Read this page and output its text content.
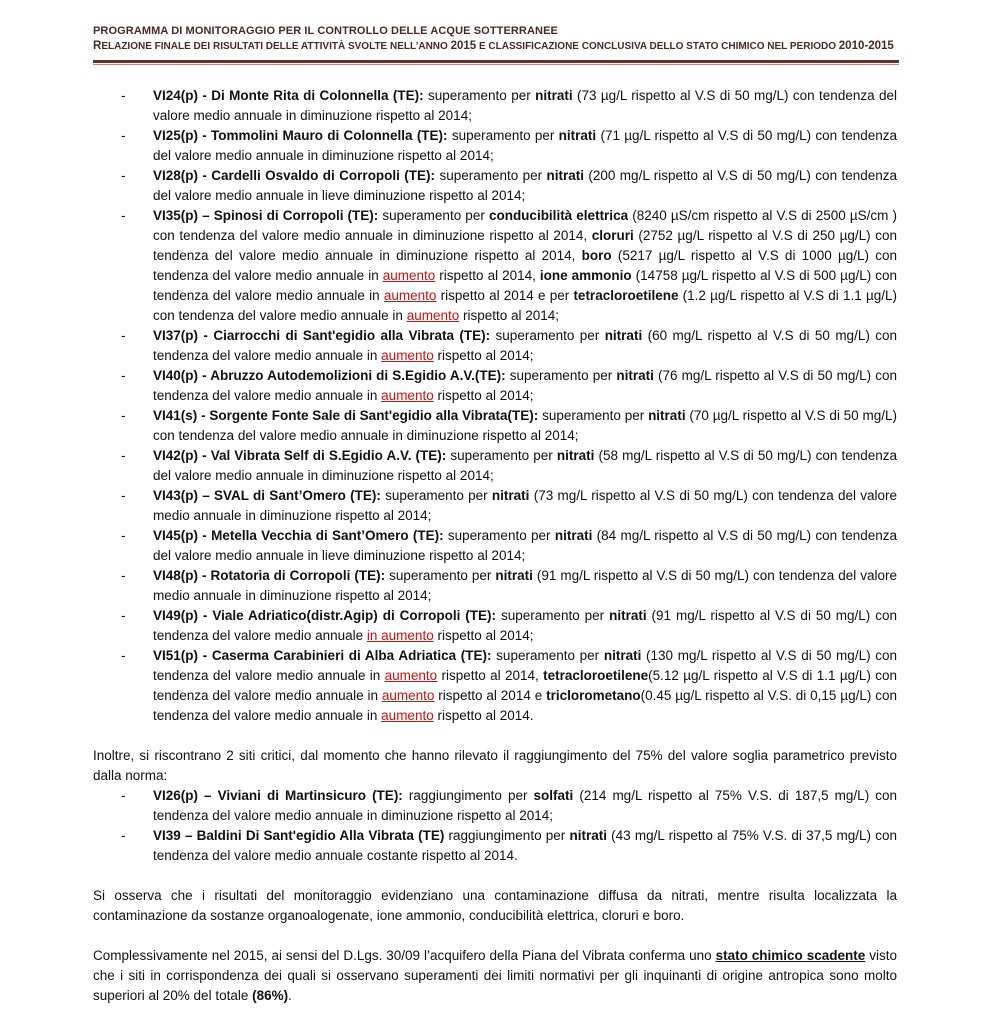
PROGRAMMA DI MONITORAGGIO PER IL CONTROLLO DELLE ACQUE SOTTERRANEE
RELAZIONE FINALE DEI RISULTATI DELLE ATTIVITÀ SVOLTE NELL’ANNO 2015 E CLASSIFICAZIONE CONCLUSIVA DELLO STATO CHIMICO NEL PERIODO 2010-2015
- VI24(p) - Di Monte Rita di Colonnella (TE): superamento per nitrati (73 µg/L rispetto al V.S di 50 mg/L) con tendenza del valore medio annuale in diminuzione rispetto al 2014;
- VI25(p) - Tommolini Mauro di Colonnella (TE): superamento per nitrati (71 µg/L rispetto al V.S di 50 mg/L) con tendenza del valore medio annuale in diminuzione rispetto al 2014;
- VI28(p) - Cardelli Osvaldo di Corropoli (TE): superamento per nitrati (200 mg/L rispetto al V.S di 50 mg/L) con tendenza del valore medio annuale in lieve diminuzione rispetto al 2014;
- VI35(p) – Spinosi di Corropoli (TE): superamento per conducibilità elettrica (8240 µS/cm rispetto al V.S di 2500 µS/cm ) con tendenza del valore medio annuale in diminuzione rispetto al 2014, cloruri (2752 µg/L rispetto al V.S di 250 µg/L) con tendenza del valore medio annuale in diminuzione rispetto al 2014, boro (5217 µg/L rispetto al V.S di 1000 µg/L) con tendenza del valore medio annuale in aumento rispetto al 2014, ione ammonio (14758 µg/L rispetto al V.S di 500 µg/L) con tendenza del valore medio annuale in aumento rispetto al 2014 e per tetracloroetilene (1.2 µg/L rispetto al V.S di 1.1 µg/L) con tendenza del valore medio annuale in aumento rispetto al 2014;
- VI37(p) - Ciarrocchi di Sant'egidio alla Vibrata (TE): superamento per nitrati (60 mg/L rispetto al V.S di 50 mg/L) con tendenza del valore medio annuale in aumento rispetto al 2014;
- VI40(p) - Abruzzo Autodemolizioni di S.Egidio A.V.(TE): superamento per nitrati (76 mg/L rispetto al V.S di 50 mg/L) con tendenza del valore medio annuale in aumento rispetto al 2014;
- VI41(s) - Sorgente Fonte Sale di Sant'egidio alla Vibrata(TE): superamento per nitrati (70 µg/L rispetto al V.S di 50 mg/L) con tendenza del valore medio annuale in diminuzione rispetto al 2014;
- VI42(p) - Val Vibrata Self di S.Egidio A.V. (TE): superamento per nitrati (58 mg/L rispetto al V.S di 50 mg/L) con tendenza del valore medio annuale in diminuzione rispetto al 2014;
- VI43(p) – SVAL di Sant’Omero (TE): superamento per nitrati (73 mg/L rispetto al V.S di 50 mg/L) con tendenza del valore medio annuale in diminuzione rispetto al 2014;
- VI45(p) - Metella Vecchia di Sant’Omero (TE): superamento per nitrati (84 mg/L rispetto al V.S di 50 mg/L) con tendenza del valore medio annuale in lieve diminuzione rispetto al 2014;
- VI48(p) - Rotatoria di Corropoli (TE): superamento per nitrati (91 mg/L rispetto al V.S di 50 mg/L) con tendenza del valore medio annuale in diminuzione rispetto al 2014;
- VI49(p) - Viale Adriatico(distr.Agip) di Corropoli (TE): superamento per nitrati (91 mg/L rispetto al V.S di 50 mg/L) con tendenza del valore medio annuale in aumento rispetto al 2014;
- VI51(p) - Caserma Carabinieri di Alba Adriatica (TE): superamento per nitrati (130 mg/L rispetto al V.S di 50 mg/L) con tendenza del valore medio annuale in aumento rispetto al 2014, tetracloroetilene(5.12 µg/L rispetto al V.S di 1.1 µg/L) con tendenza del valore medio annuale in aumento rispetto al 2014 e triclorometano(0.45 µg/L rispetto al V.S. di 0,15 µg/L) con tendenza del valore medio annuale in aumento rispetto al 2014.

Inoltre, si riscontrano 2 siti critici, dal momento che hanno rilevato il raggiungimento del 75% del valore soglia parametrico previsto dalla norma:

- VI26(p) – Viviani di Martinsicuro (TE): raggiungimento per solfati (214 mg/L rispetto al 75% V.S. di 187,5 mg/L) con tendenza del valore medio annuale in diminuzione rispetto al 2014;
- VI39 – Baldini Di Sant'egidio Alla Vibrata (TE) raggiungimento per nitrati (43 mg/L rispetto al 75% V.S. di 37,5 mg/L) con tendenza del valore medio annuale costante rispetto al 2014.

Si osserva che i risultati del monitoraggio evidenziano una contaminazione diffusa da nitrati, mentre risulta localizzata la contaminazione da sostanze organoalogenate, ione ammonio, conducibilità elettrica, cloruri e boro.

Complessivamente nel 2015, ai sensi del D.Lgs. 30/09 l’acquifero della Piana del Vibrata conferma uno stato chimico scadente visto che i siti in corrispondenza dei quali si osservano superamenti dei limiti normativi per gli inquinanti di origine antropica sono molto superiori al 20% del totale (86%).
